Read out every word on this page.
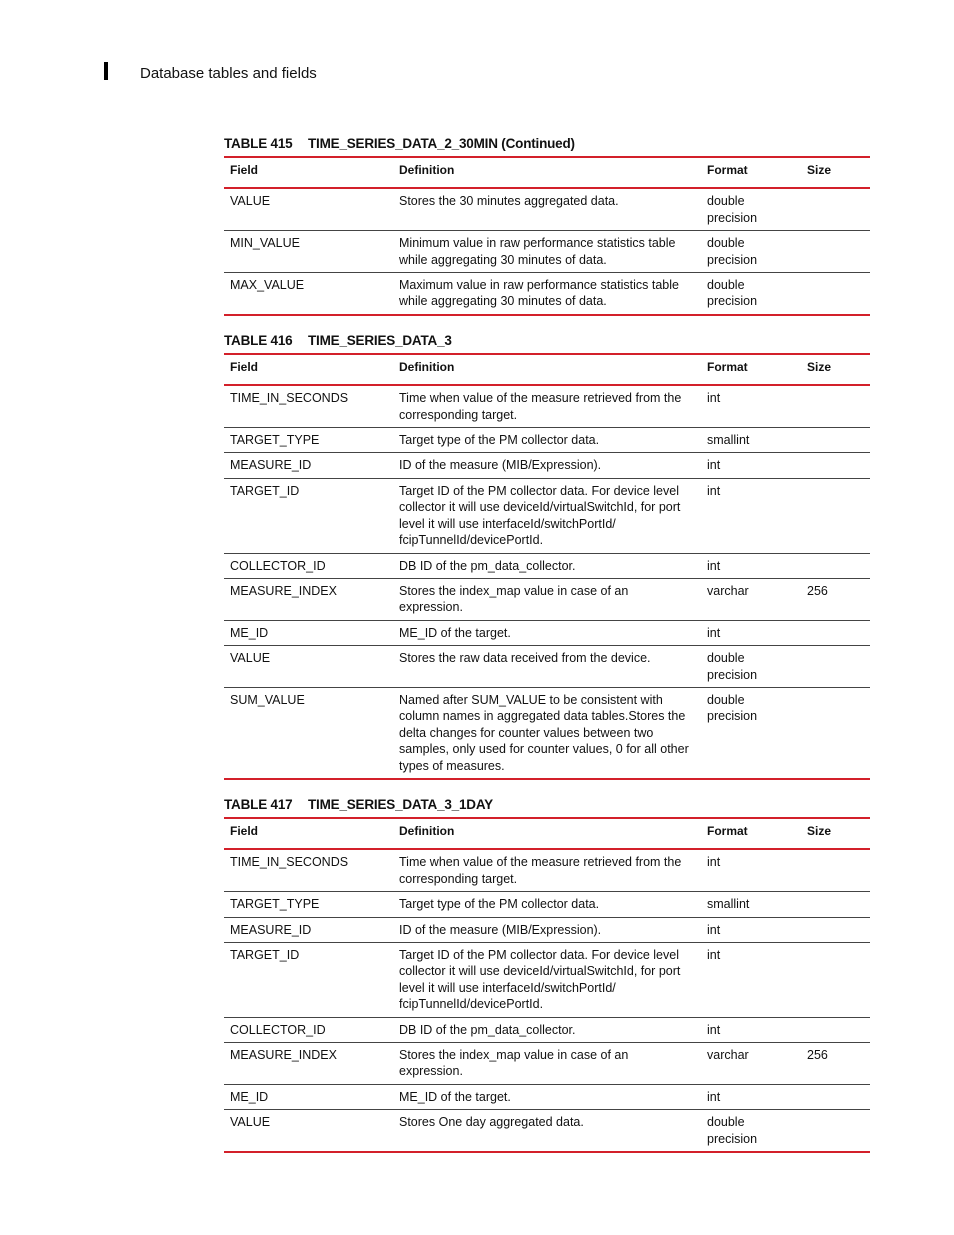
Database tables and fields
TABLE 415	TIME_SERIES_DATA_2_30MIN (Continued)
Field	Definition	Format	Size
VALUE	Stores the 30 minutes aggregated data.	double precision	
MIN_VALUE	Minimum value in raw performance statistics table while aggregating 30 minutes of data.	double precision	
MAX_VALUE	Maximum value in raw performance statistics table while aggregating 30 minutes of data.	double precision	
TABLE 416	TIME_SERIES_DATA_3
Field	Definition	Format	Size
TIME_IN_SECONDS	Time when value of the measure retrieved from the corresponding target.	int	
TARGET_TYPE	Target type of the PM collector data.	smallint	
MEASURE_ID	ID of the measure (MIB/Expression).	int	
TARGET_ID	Target ID of the PM collector data. For device level collector it will use deviceId/virtualSwitchId, for port level it will use interfaceId/switchPortId/ fcipTunnelId/devicePortId.	int	
COLLECTOR_ID	DB ID of the pm_data_collector.	int	
MEASURE_INDEX	Stores the index_map value in case of an expression.	varchar	256
ME_ID	ME_ID of the target.	int	
VALUE	Stores the raw data received from the device.	double precision	
SUM_VALUE	Named after SUM_VALUE to be consistent with column names in aggregated data tables.Stores the delta changes for counter values between two samples, only used for counter values, 0 for all other types of measures.	double precision	
TABLE 417	TIME_SERIES_DATA_3_1DAY
Field	Definition	Format	Size
TIME_IN_SECONDS	Time when value of the measure retrieved from the corresponding target.	int	
TARGET_TYPE	Target type of the PM collector data.	smallint	
MEASURE_ID	ID of the measure (MIB/Expression).	int	
TARGET_ID	Target ID of the PM collector data. For device level collector it will use deviceId/virtualSwitchId, for port level it will use interfaceId/switchPortId/ fcipTunnelId/devicePortId.	int	
COLLECTOR_ID	DB ID of the pm_data_collector.	int	
MEASURE_INDEX	Stores the index_map value in case of an expression.	varchar	256
ME_ID	ME_ID of the target.	int	
VALUE	Stores One day aggregated data.	double precision	
